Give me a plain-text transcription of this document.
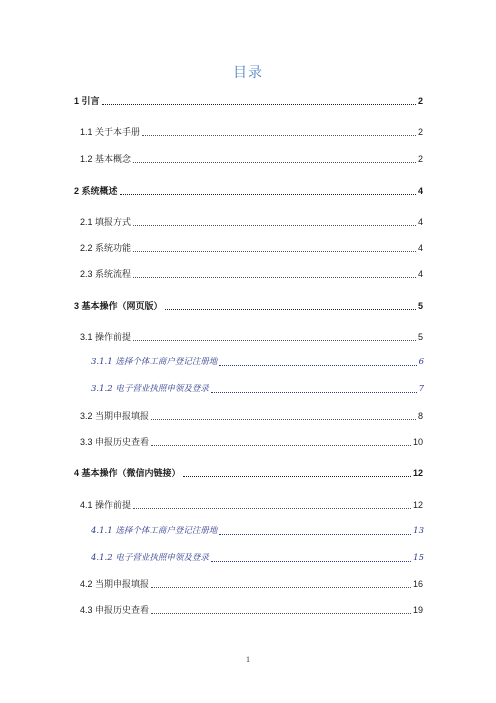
目录
1 引言	2
1.1 关于本手册	2
1.2 基本概念	2
2 系统概述	4
2.1 填报方式	4
2.2 系统功能	4
2.3 系统流程	4
3 基本操作（网页版）	5
3.1 操作前提	5
3.1.1 选择个体工商户登记注册地	6
3.1.2 电子营业执照申领及登录	7
3.2 当期申报填报	8
3.3 申报历史查看	10
4 基本操作（微信内链接）	12
4.1 操作前提	12
4.1.1 选择个体工商户登记注册地	13
4.1.2 电子营业执照申领及登录	15
4.2 当期申报填报	16
4.3 申报历史查看	19
1
